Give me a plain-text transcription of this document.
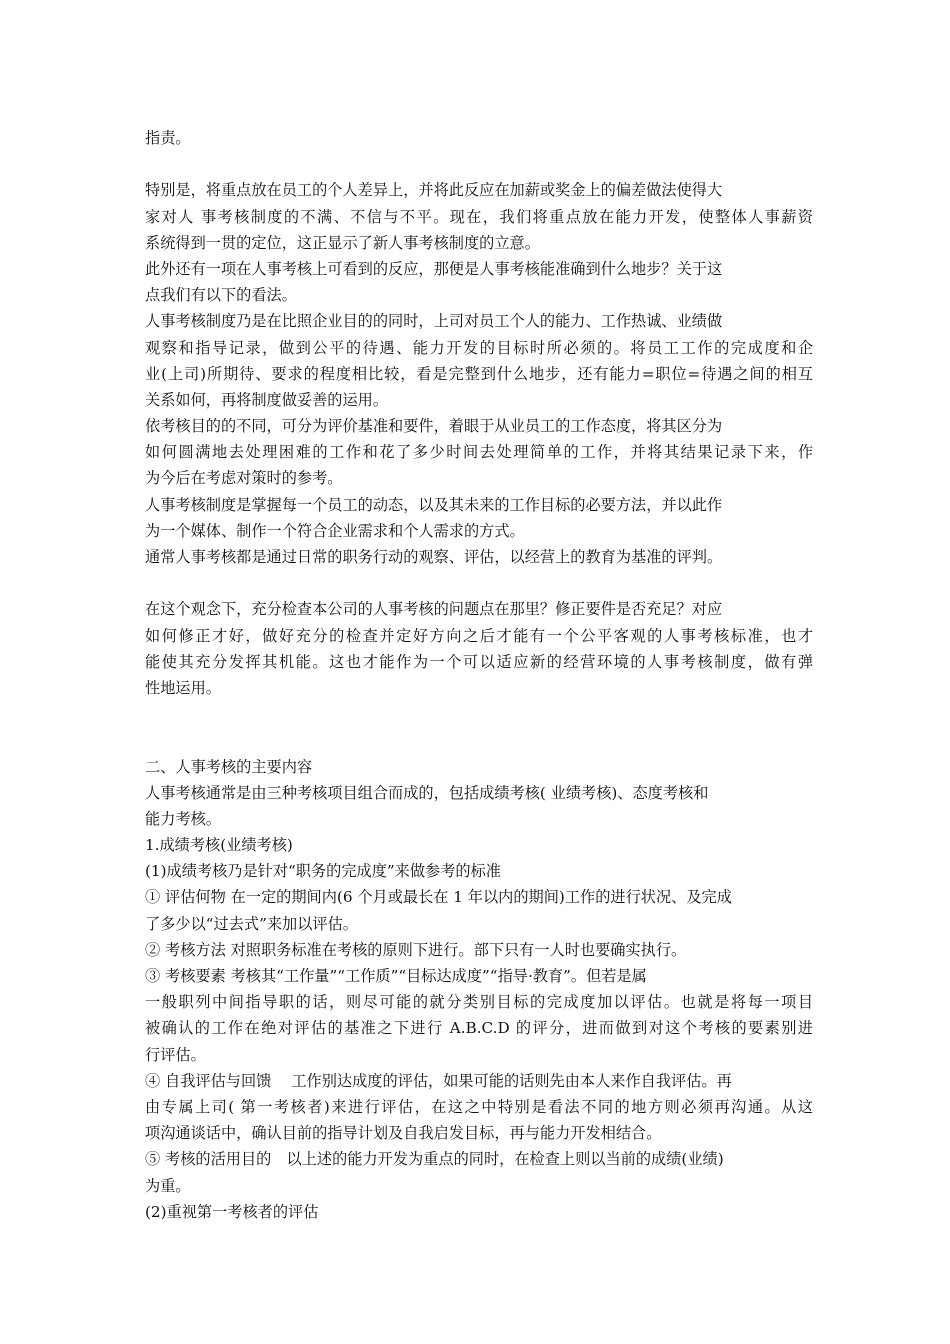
指责。
特别是，将重点放在员工的个人差异上，并将此反应在加薪或奖金上的偏差做法使得大
家对人 事考核制度的不满、不信与不平。现在，我们将重点放在能力开发，使整体人事薪资
系统得到一贯的定位，这正显示了新人事考核制度的立意。
此外还有一项在人事考核上可看到的反应，那便是人事考核能准确到什么地步？关于这
点我们有以下的看法。
人事考核制度乃是在比照企业目的的同时，上司对员工个人的能力、工作热诚、业绩做
观察和指导记录，做到公平的待遇、能力开发的目标时所必须的。将员工工作的完成度和企
业(上司)所期待、要求的程度相比较，看是完整到什么地步，还有能力=职位=待遇之间的相互
关系如何，再将制度做妥善的运用。
依考核目的的不同，可分为评价基准和要件，着眼于从业员工的工作态度，将其区分为
如何圆满地去处理困难的工作和花了多少时间去处理简单的工作，并将其结果记录下来，作
为今后在考虑对策时的参考。
人事考核制度是掌握每一个员工的动态，以及其未来的工作目标的必要方法，并以此作
为一个媒体、制作一个符合企业需求和个人需求的方式。
通常人事考核都是通过日常的职务行动的观察、评估，以经营上的教育为基准的评判。
在这个观念下，充分检查本公司的人事考核的问题点在那里？修正要件是否充足？对应
如何修正才好，做好充分的检查并定好方向之后才能有一个公平客观的人事考核标准，也才
能使其充分发挥其机能。这也才能作为一个可以适应新的经营环境的人事考核制度，做有弹
性地运用。
二、人事考核的主要内容
人事考核通常是由三种考核项目组合而成的，包括成绩考核( 业绩考核)、态度考核和
能力考核。
1.成绩考核(业绩考核)
(1)成绩考核乃是针对“职务的完成度”来做参考的标准
① 评估何物 在一定的期间内(6 个月或最长在 1 年以内的期间)工作的进行状况、及完成
了多少以“过去式”来加以评估。
② 考核方法 对照职务标准在考核的原则下进行。部下只有一人时也要确实执行。
③ 考核要素 考核其“工作量”“工作质”“目标达成度”“指导·教育”。但若是属
一般职列中间指导职的话，则尽可能的就分类别目标的完成度加以评估。也就是将每一项目
被确认的工作在绝对评估的基准之下进行 A.B.C.D 的评分，进而做到对这个考核的要素别进
行评估。
④ 自我评估与回馈　 工作别达成度的评估，如果可能的话则先由本人来作自我评估。再
由专属上司( 第一考核者)来进行评估，在这之中特别是看法不同的地方则必须再沟通。从这
项沟通谈话中，确认目前的指导计划及自我启发目标，再与能力开发相结合。
⑤ 考核的活用目的　以上述的能力开发为重点的同时，在检查上则以当前的成绩(业绩)
为重。
(2)重视第一考核者的评估
